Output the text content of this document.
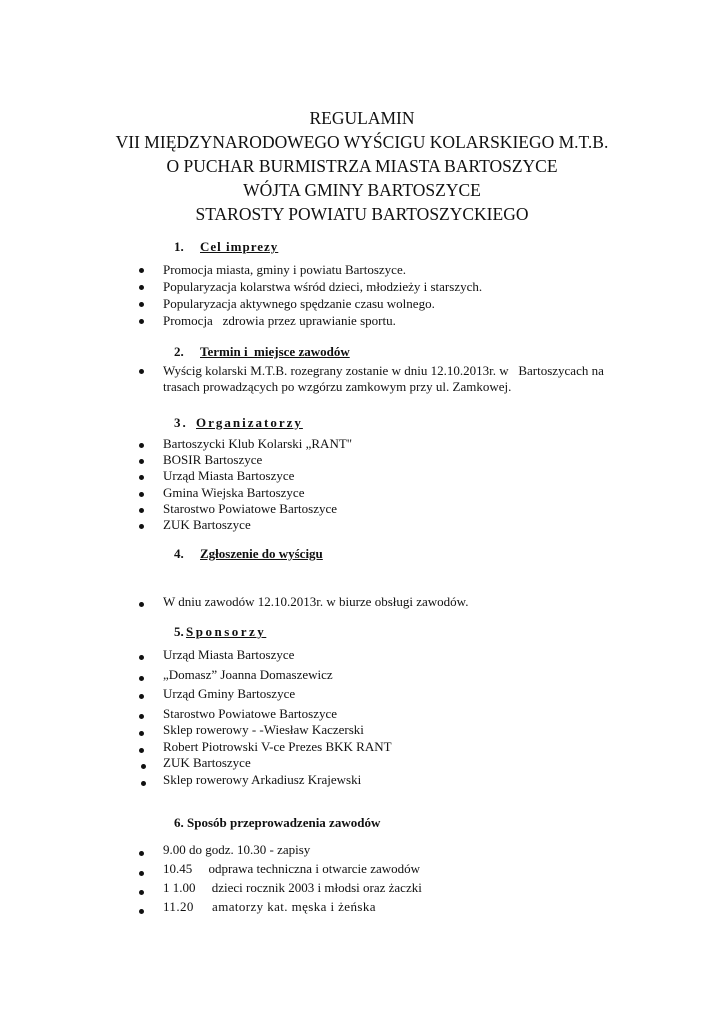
REGULAMIN
VII MIĘDZYNARODOWEGO WYŚCIGU KOLARSKIEGO M.T.B.
O PUCHAR BURMISTRZA MIASTA BARTOSZYCE
WÓJTA GMINY BARTOSZYCE
STAROSTY POWIATU BARTOSZYCKIEGO
1. Cel imprezy
Promocja miasta, gminy i powiatu Bartoszyce.
Popularyzacja kolarstwa wśród dzieci, młodzieży i starszych.
Popularyzacja aktywnego spędzanie czasu wolnego.
Promocja   zdrowia przez uprawianie sportu.
2. Termin i  miejsce zawodów
Wyścig kolarski M.T.B. rozegrany zostanie w dniu 12.10.2013r. w   Bartoszycach na trasach prowadzących po wzgórzu zamkowym przy ul. Zamkowej.
3. Organizatorzy
Bartoszycki Klub Kolarski „RANT"
BOSIR Bartoszyce
Urząd Miasta Bartoszyce
Gmina Wiejska Bartoszyce
Starostwo Powiatowe Bartoszyce
ZUK Bartoszyce
4. Zgłoszenie do wyścigu
W dniu zawodów 12.10.2013r. w biurze obsługi zawodów.
5. Sponsorzy
Urząd Miasta Bartoszyce
„Domasz” Joanna Domaszewicz
Urząd Gminy Bartoszyce
Starostwo Powiatowe Bartoszyce
Sklep rowerowy - -Wiesław Kaczerski
Robert Piotrowski V-ce Prezes BKK RANT
ZUK Bartoszyce
Sklep rowerowy Arkadiusz Krajewski
6. Sposób przeprowadzenia zawodów
9.00 do godz. 10.30 - zapisy
10.45     odprawa techniczna i otwarcie zawodów
1 1.00     dzieci rocznik 2003 i młodsi oraz żaczki
11.20     amatorzy kat. męska i żeńska
